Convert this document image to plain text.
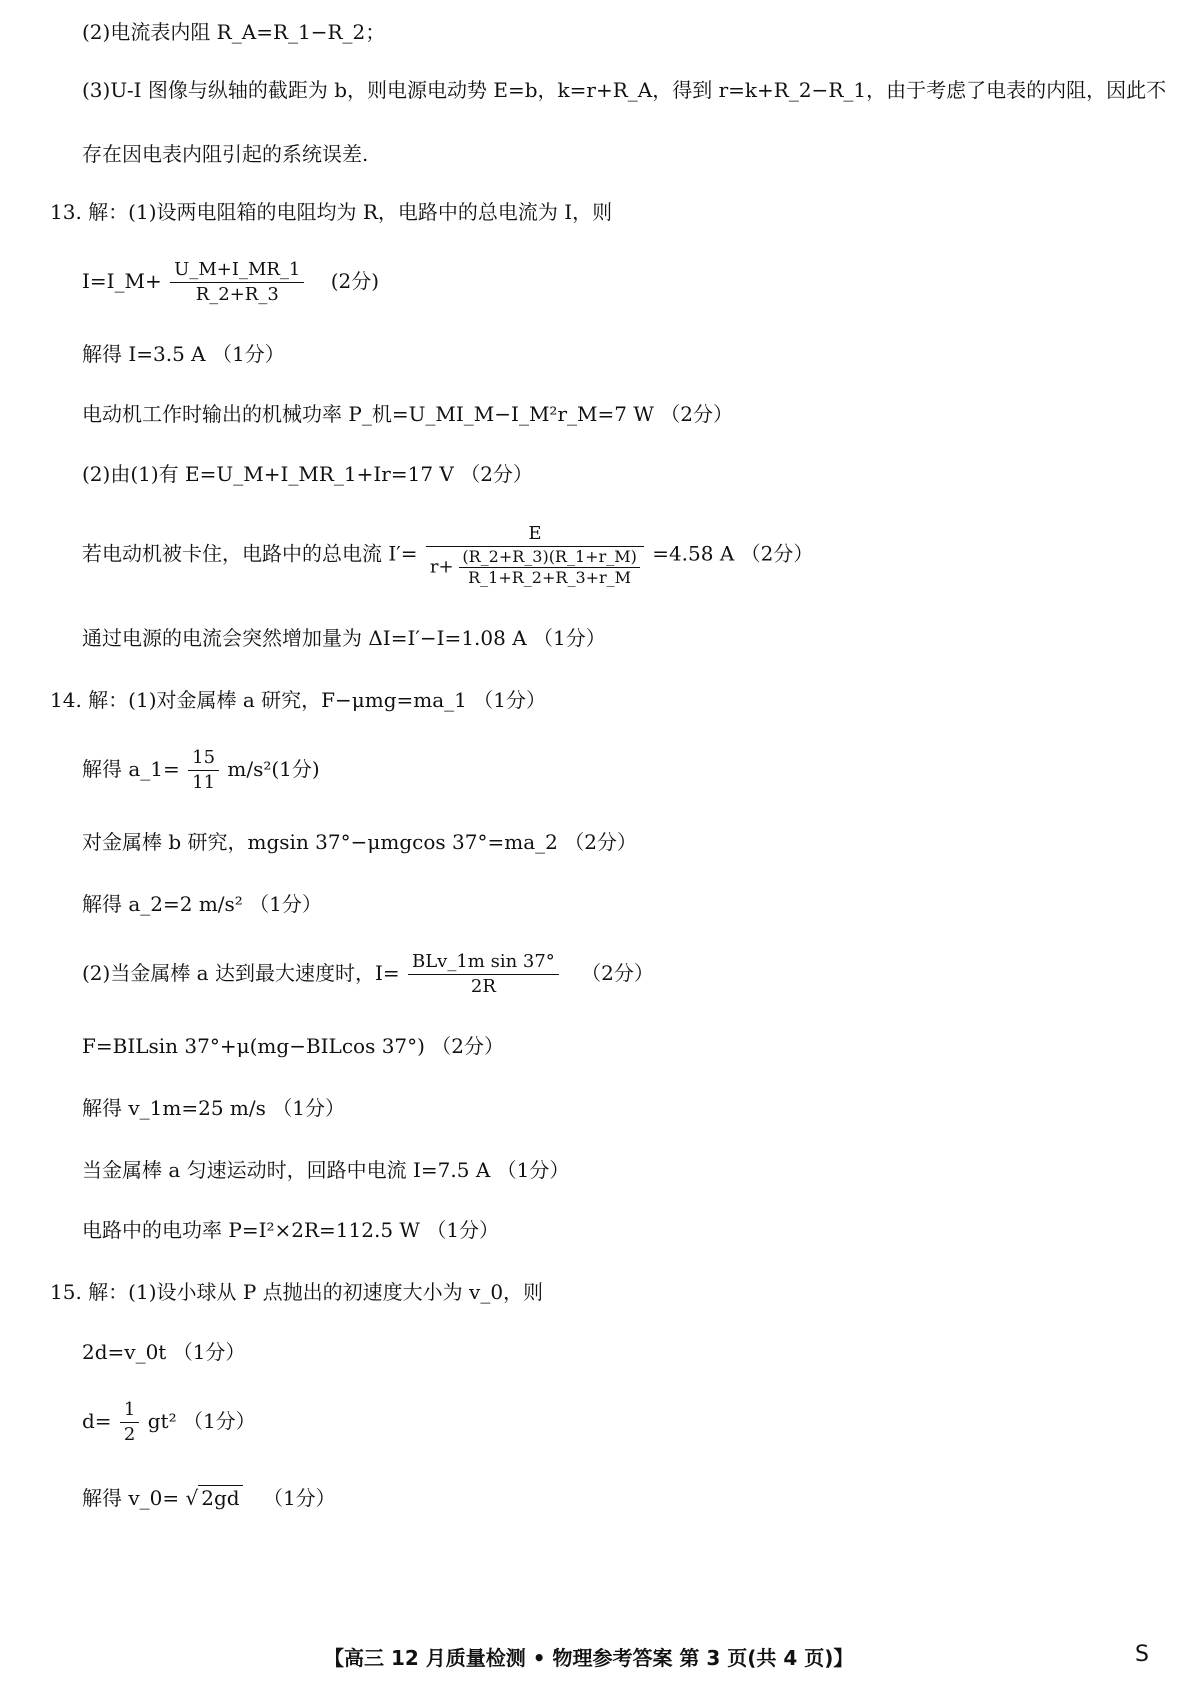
(2)电流表内阻 R_A=R_1−R_2；
(3)U-I 图像与纵轴的截距为 b，则电源电动势 E=b，k=r+R_A，得到 r=k+R_2−R_1，由于考虑了电表的内阻，因此不
存在因电表内阻引起的系统误差.
13. 解：(1)设两电阻箱的电阻均为 R，电路中的总电流为 I，则
I=I_M+ $\frac{U\_M+I\_MR\_1}{R\_2+R\_3} (2$分)
解得 I=3.5 A （1分）
电动机工作时输出的机械功率 P_机=U_MI_M−I_M²r_M=7 W （2分）
(2)由(1)有 E=U_M+I_MR_1+Ir=17 V （2分）
若电动机被卡住，电路中的总电流 I′=
E
$r+ \frac{(R\_2+R\_3)(R\_1+r\_M)}{R\_1+R\_2+R\_3+r\_M} =4.58$ A （2分）
通过电源的电流会突然增加量为 ΔI=I′−I=1.08 A （1分）
14. 解：(1)对金属棒 a 研究，F−μmg=ma_1 （1分）
解得 a_1= $\frac{15}{11} m/s^2(1$分)
对金属棒 b 研究，mgsin 37°−μmgcos 37°=ma_2 （2分）
解得 a_2=2 m/s² （1分）
(2)当金属棒 a 达到最大速度时，$I= \frac{\text{BLv\_1m sin 37°}}{2R} (2$分）
F=BILsin 37°+μ(mg−BILcos 37°) （2分）
解得 v_1m=25 m/s （1分）
当金属棒 a 匀速运动时，回路中电流 I=7.5 A （1分）
电路中的电功率 P=I²×2R=112.5 W （1分）
15. 解：(1)设小球从 P 点抛出的初速度大小为 v_0，则
2d=v_0t （1分）
$d= \frac{1}{2} gt^2$ （1分）
解得 v_0= √ 2gd （1分）
【高三 12 月质量检测 • 物理参考答案 第 3 页(共 4 页)】	S
